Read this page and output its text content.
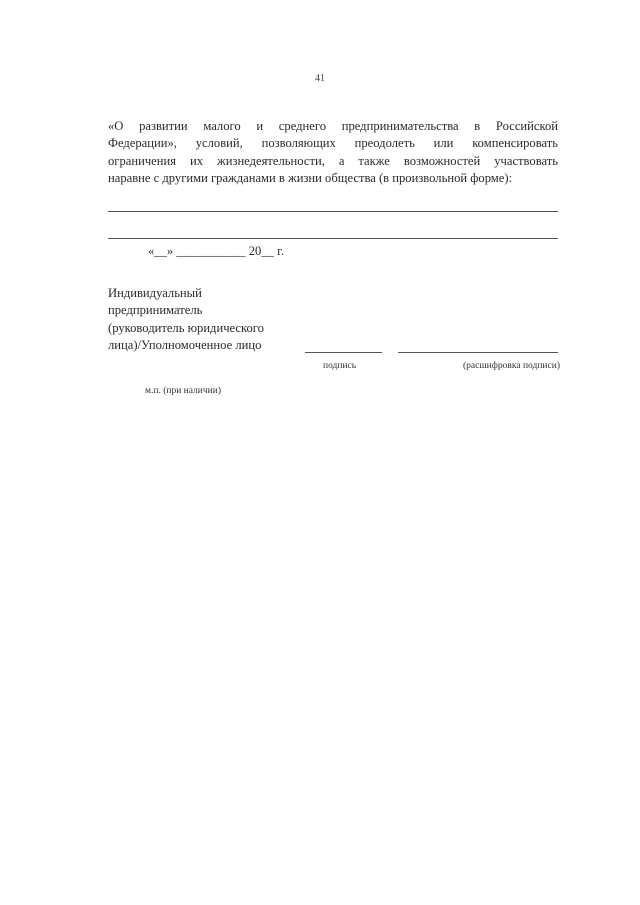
41
«О развитии малого и среднего предпринимательства в Российской
Федерации», условий, позволяющих преодолеть или компенсировать
ограничения их жизнедеятельности, а также возможностей участвовать
наравне с другими гражданами в жизни общества (в произвольной форме):
«__» ___________ 20__ г.
Индивидуальный
предприниматель
(руководитель юридического
лица)/Уполномоченное лицо
подпись	(расшифровка подписи)
м.п. (при наличии)
